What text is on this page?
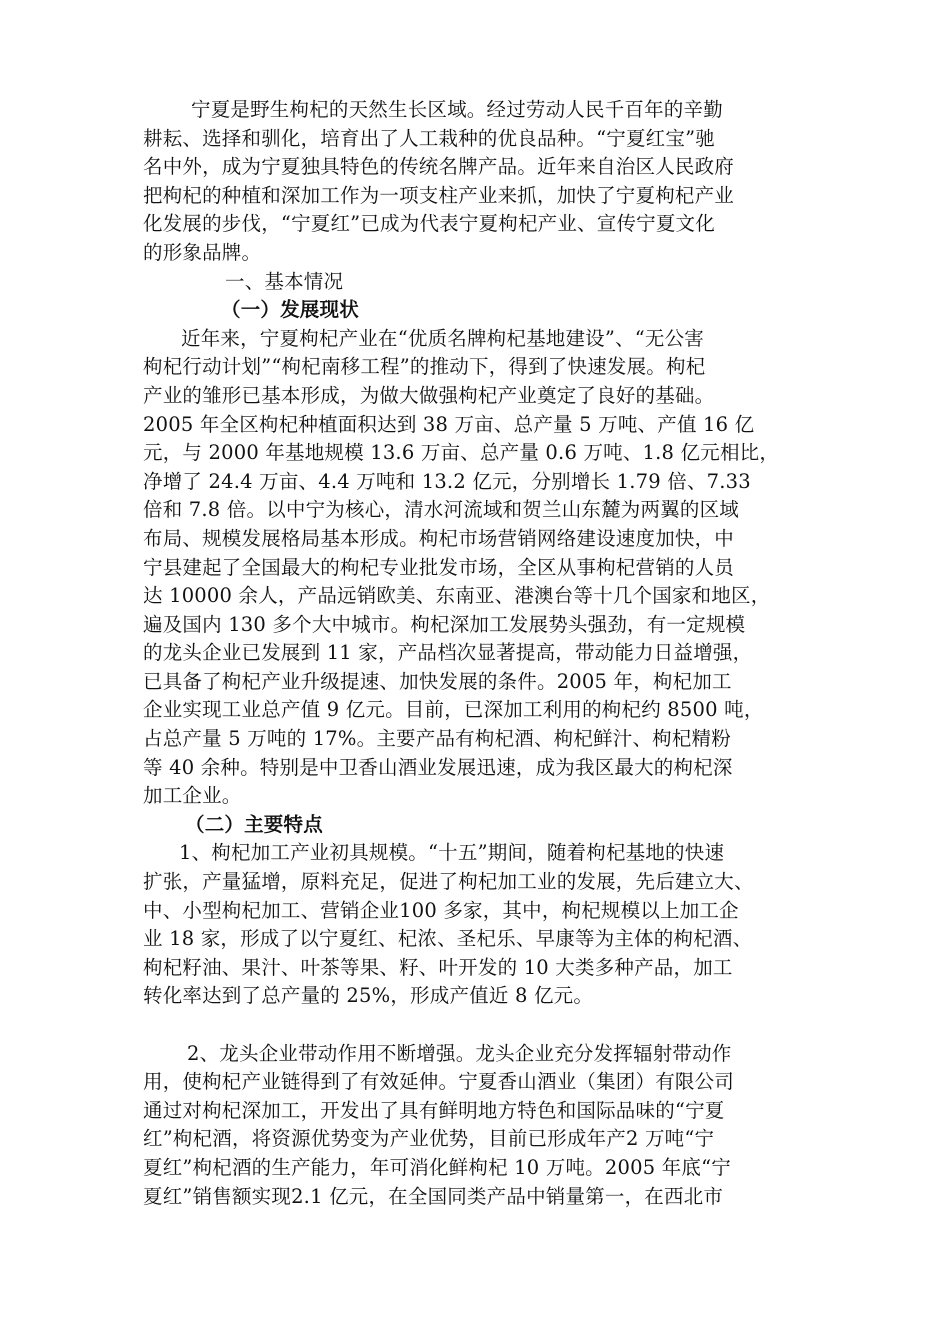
宁夏是野生枸杞的天然生长区域。经过劳动人民千百年的辛勤
耕耘、选择和驯化，培育出了人工栽种的优良品种。“宁夏红宝”驰
名中外，成为宁夏独具特色的传统名牌产品。近年来自治区人民政府
把枸杞的种植和深加工作为一项支柱产业来抓，加快了宁夏枸杞产业
化发展的步伐，“宁夏红”已成为代表宁夏枸杞产业、宣传宁夏文化
的形象品牌。
一、基本情况
（一）发展现状
近年来，宁夏枸杞产业在“优质名牌枸杞基地建设”、“无公害
枸杞行动计划”“枸杞南移工程”的推动下，得到了快速发展。枸杞
产业的雏形已基本形成，为做大做强枸杞产业奠定了良好的基础。
2005 年全区枸杞种植面积达到 38 万亩、总产量 5 万吨、产值 16 亿
元，与 2000 年基地规模 13.6 万亩、总产量 0.6 万吨、1.8 亿元相比，
净增了 24.4 万亩、4.4 万吨和 13.2 亿元，分别增长 1.79 倍、7.33
倍和 7.8 倍。以中宁为核心，清水河流域和贺兰山东麓为两翼的区域
布局、规模发展格局基本形成。枸杞市场营销网络建设速度加快，中
宁县建起了全国最大的枸杞专业批发市场，全区从事枸杞营销的人员
达 10000 余人，产品远销欧美、东南亚、港澳台等十几个国家和地区，
遍及国内 130 多个大中城市。枸杞深加工发展势头强劲，有一定规模
的龙头企业已发展到 11 家，产品档次显著提高，带动能力日益增强，
已具备了枸杞产业升级提速、加快发展的条件。2005 年，枸杞加工
企业实现工业总产值 9 亿元。目前，已深加工利用的枸杞约 8500 吨，
占总产量 5 万吨的 17%。主要产品有枸杞酒、枸杞鲜汁、枸杞精粉
等 40 余种。特别是中卫香山酒业发展迅速，成为我区最大的枸杞深
加工企业。
（二）主要特点
1、枸杞加工产业初具规模。“十五”期间，随着枸杞基地的快速
扩张，产量猛增，原料充足，促进了枸杞加工业的发展，先后建立大、
中、小型枸杞加工、营销企业100 多家，其中，枸杞规模以上加工企
业 18 家，形成了以宁夏红、杞浓、圣杞乐、早康等为主体的枸杞酒、
枸杞籽油、果汁、叶茶等果、籽、叶开发的 10 大类多种产品，加工
转化率达到了总产量的 25%，形成产值近 8 亿元。
2、龙头企业带动作用不断增强。龙头企业充分发挥辐射带动作
用，使枸杞产业链得到了有效延伸。宁夏香山酒业（集团）有限公司
通过对枸杞深加工，开发出了具有鲜明地方特色和国际品味的“宁夏
红”枸杞酒，将资源优势变为产业优势，目前已形成年产2 万吨“宁
夏红”枸杞酒的生产能力，年可消化鲜枸杞 10 万吨。2005 年底“宁
夏红”销售额实现2.1 亿元，在全国同类产品中销量第一，在西北市
